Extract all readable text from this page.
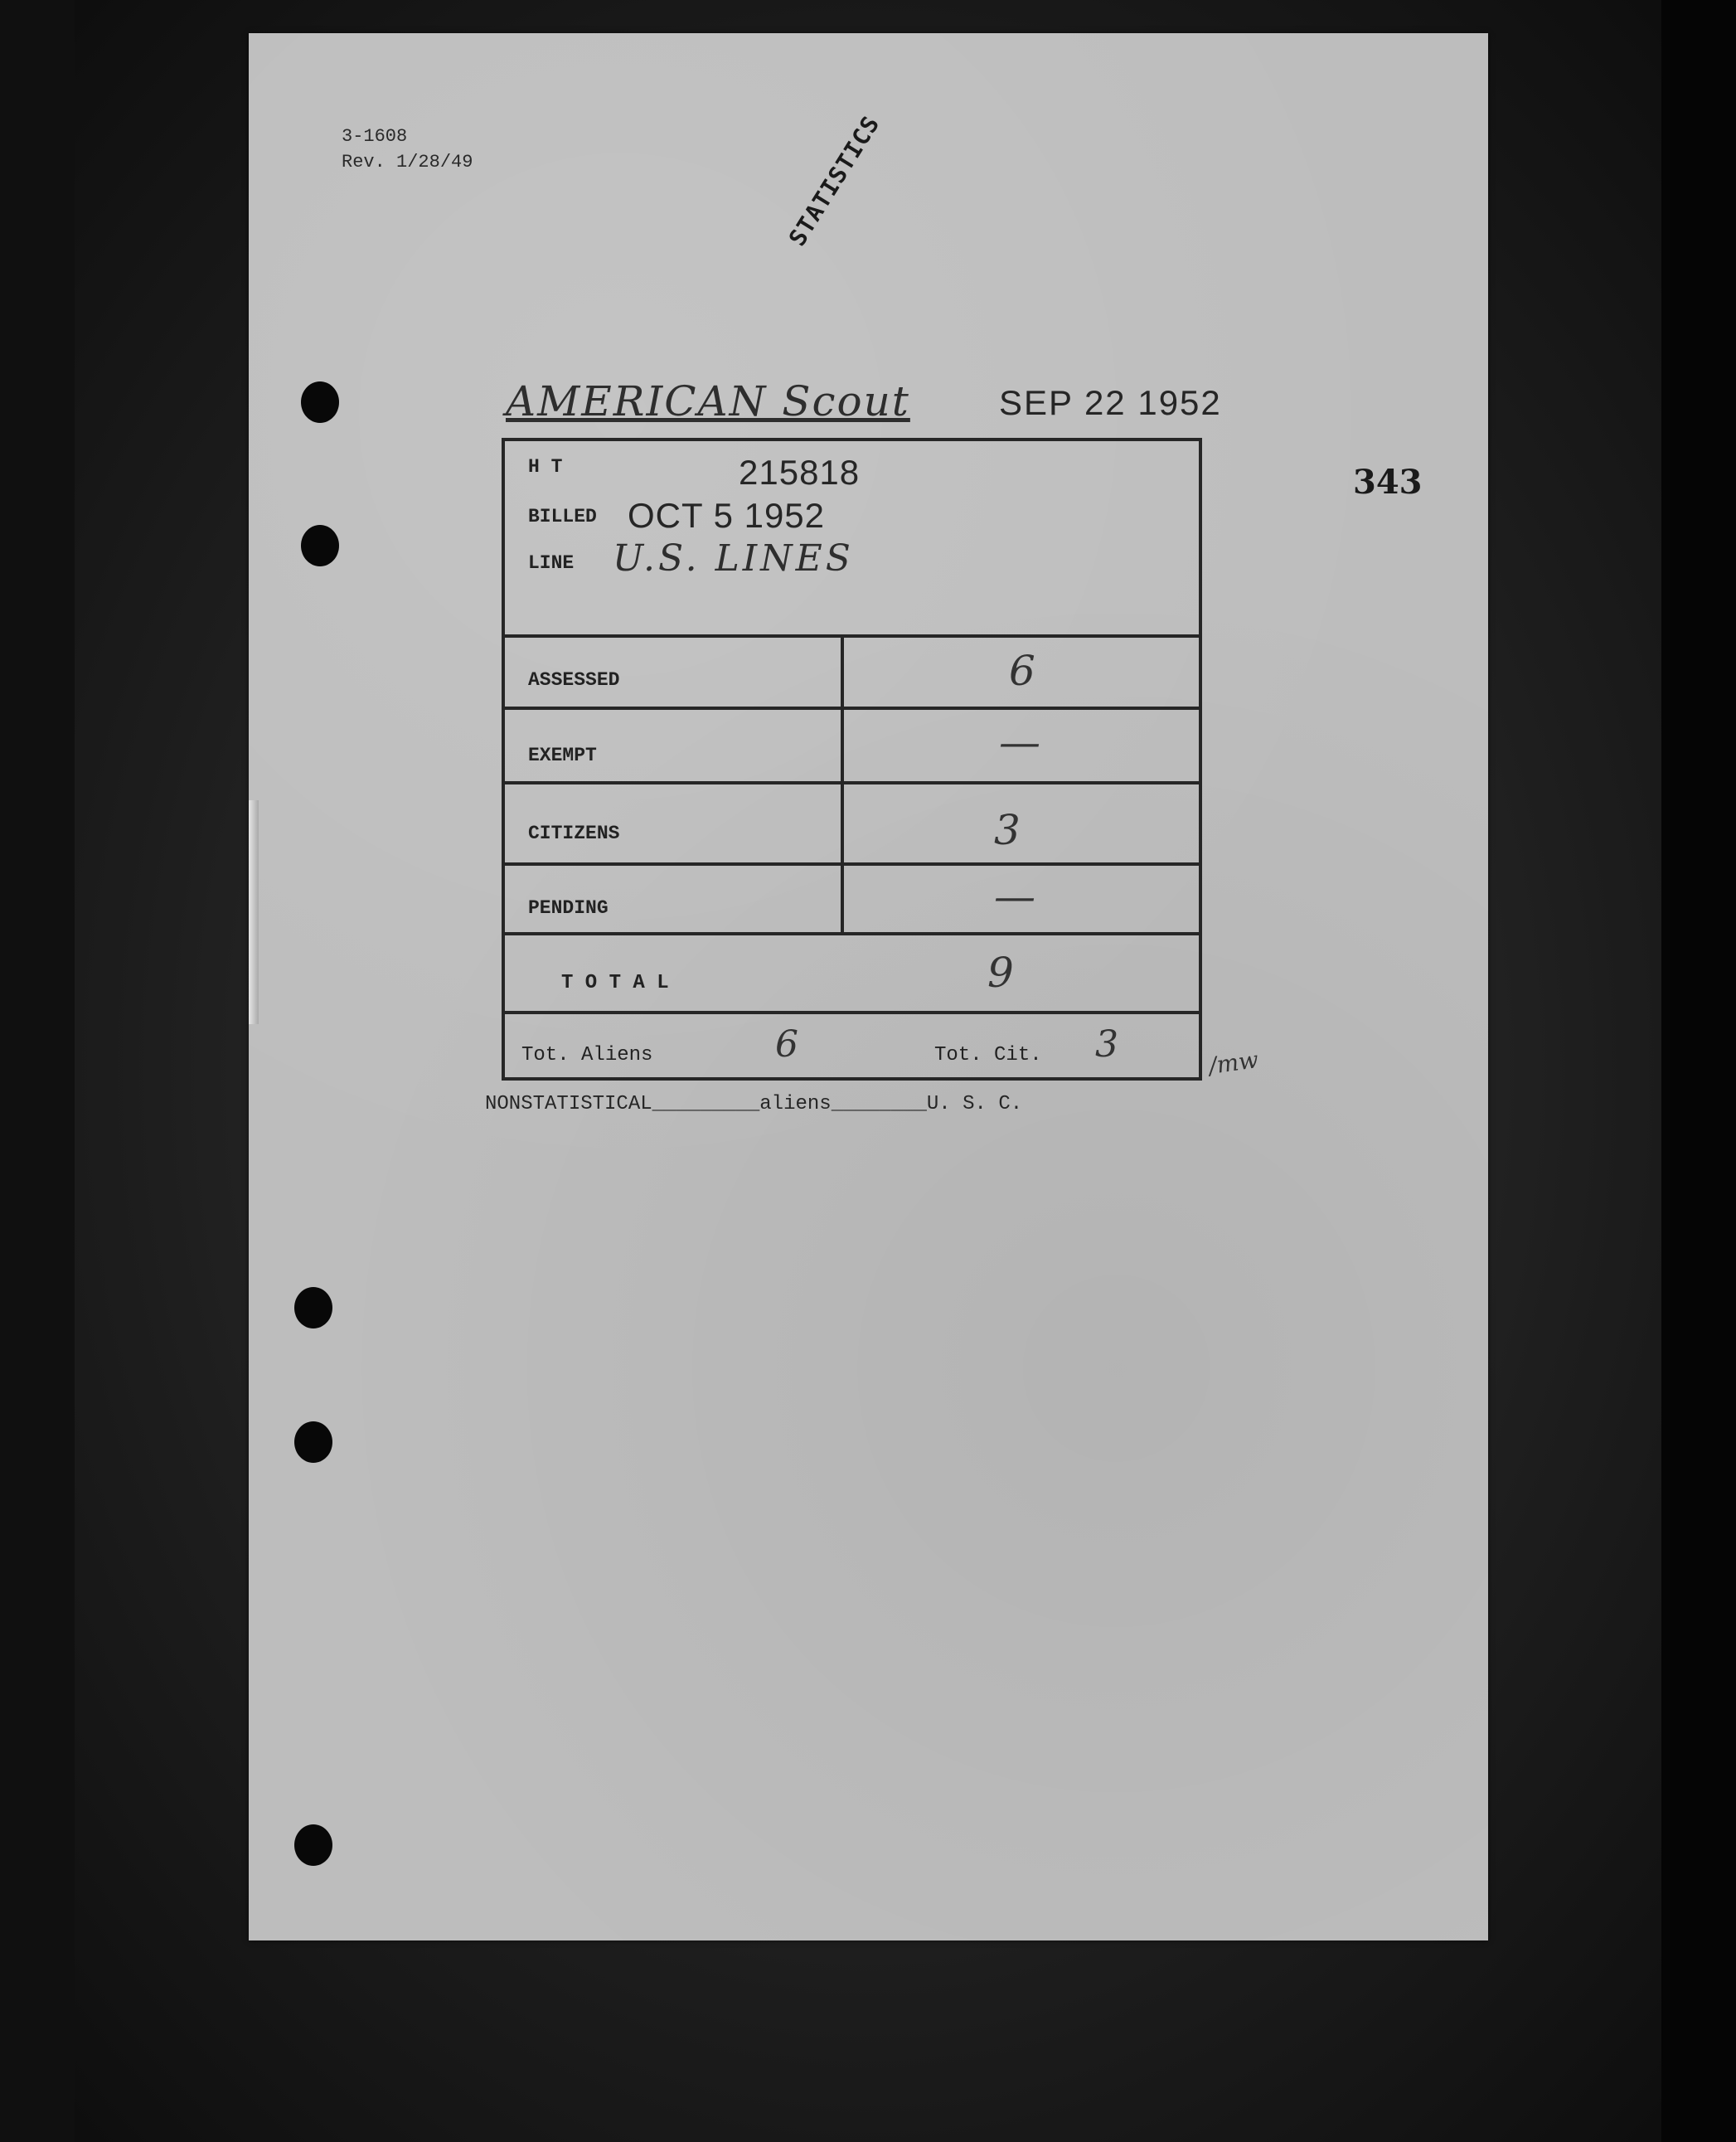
3-1608
Rev. 1/28/49	STATISTICS
AMERICAN Scout	SEP 22 1952
343
H T	215818
BILLED OCT 5 1952
LINE U.S. LINES
ASSESSED	6
EXEMPT	—
CITIZENS	3
PENDING	—
T O T A L	9
Tot. Aliens	6	Tot. Cit. 3	/mw
NONSTATISTICAL_________aliens________U. S. C.
